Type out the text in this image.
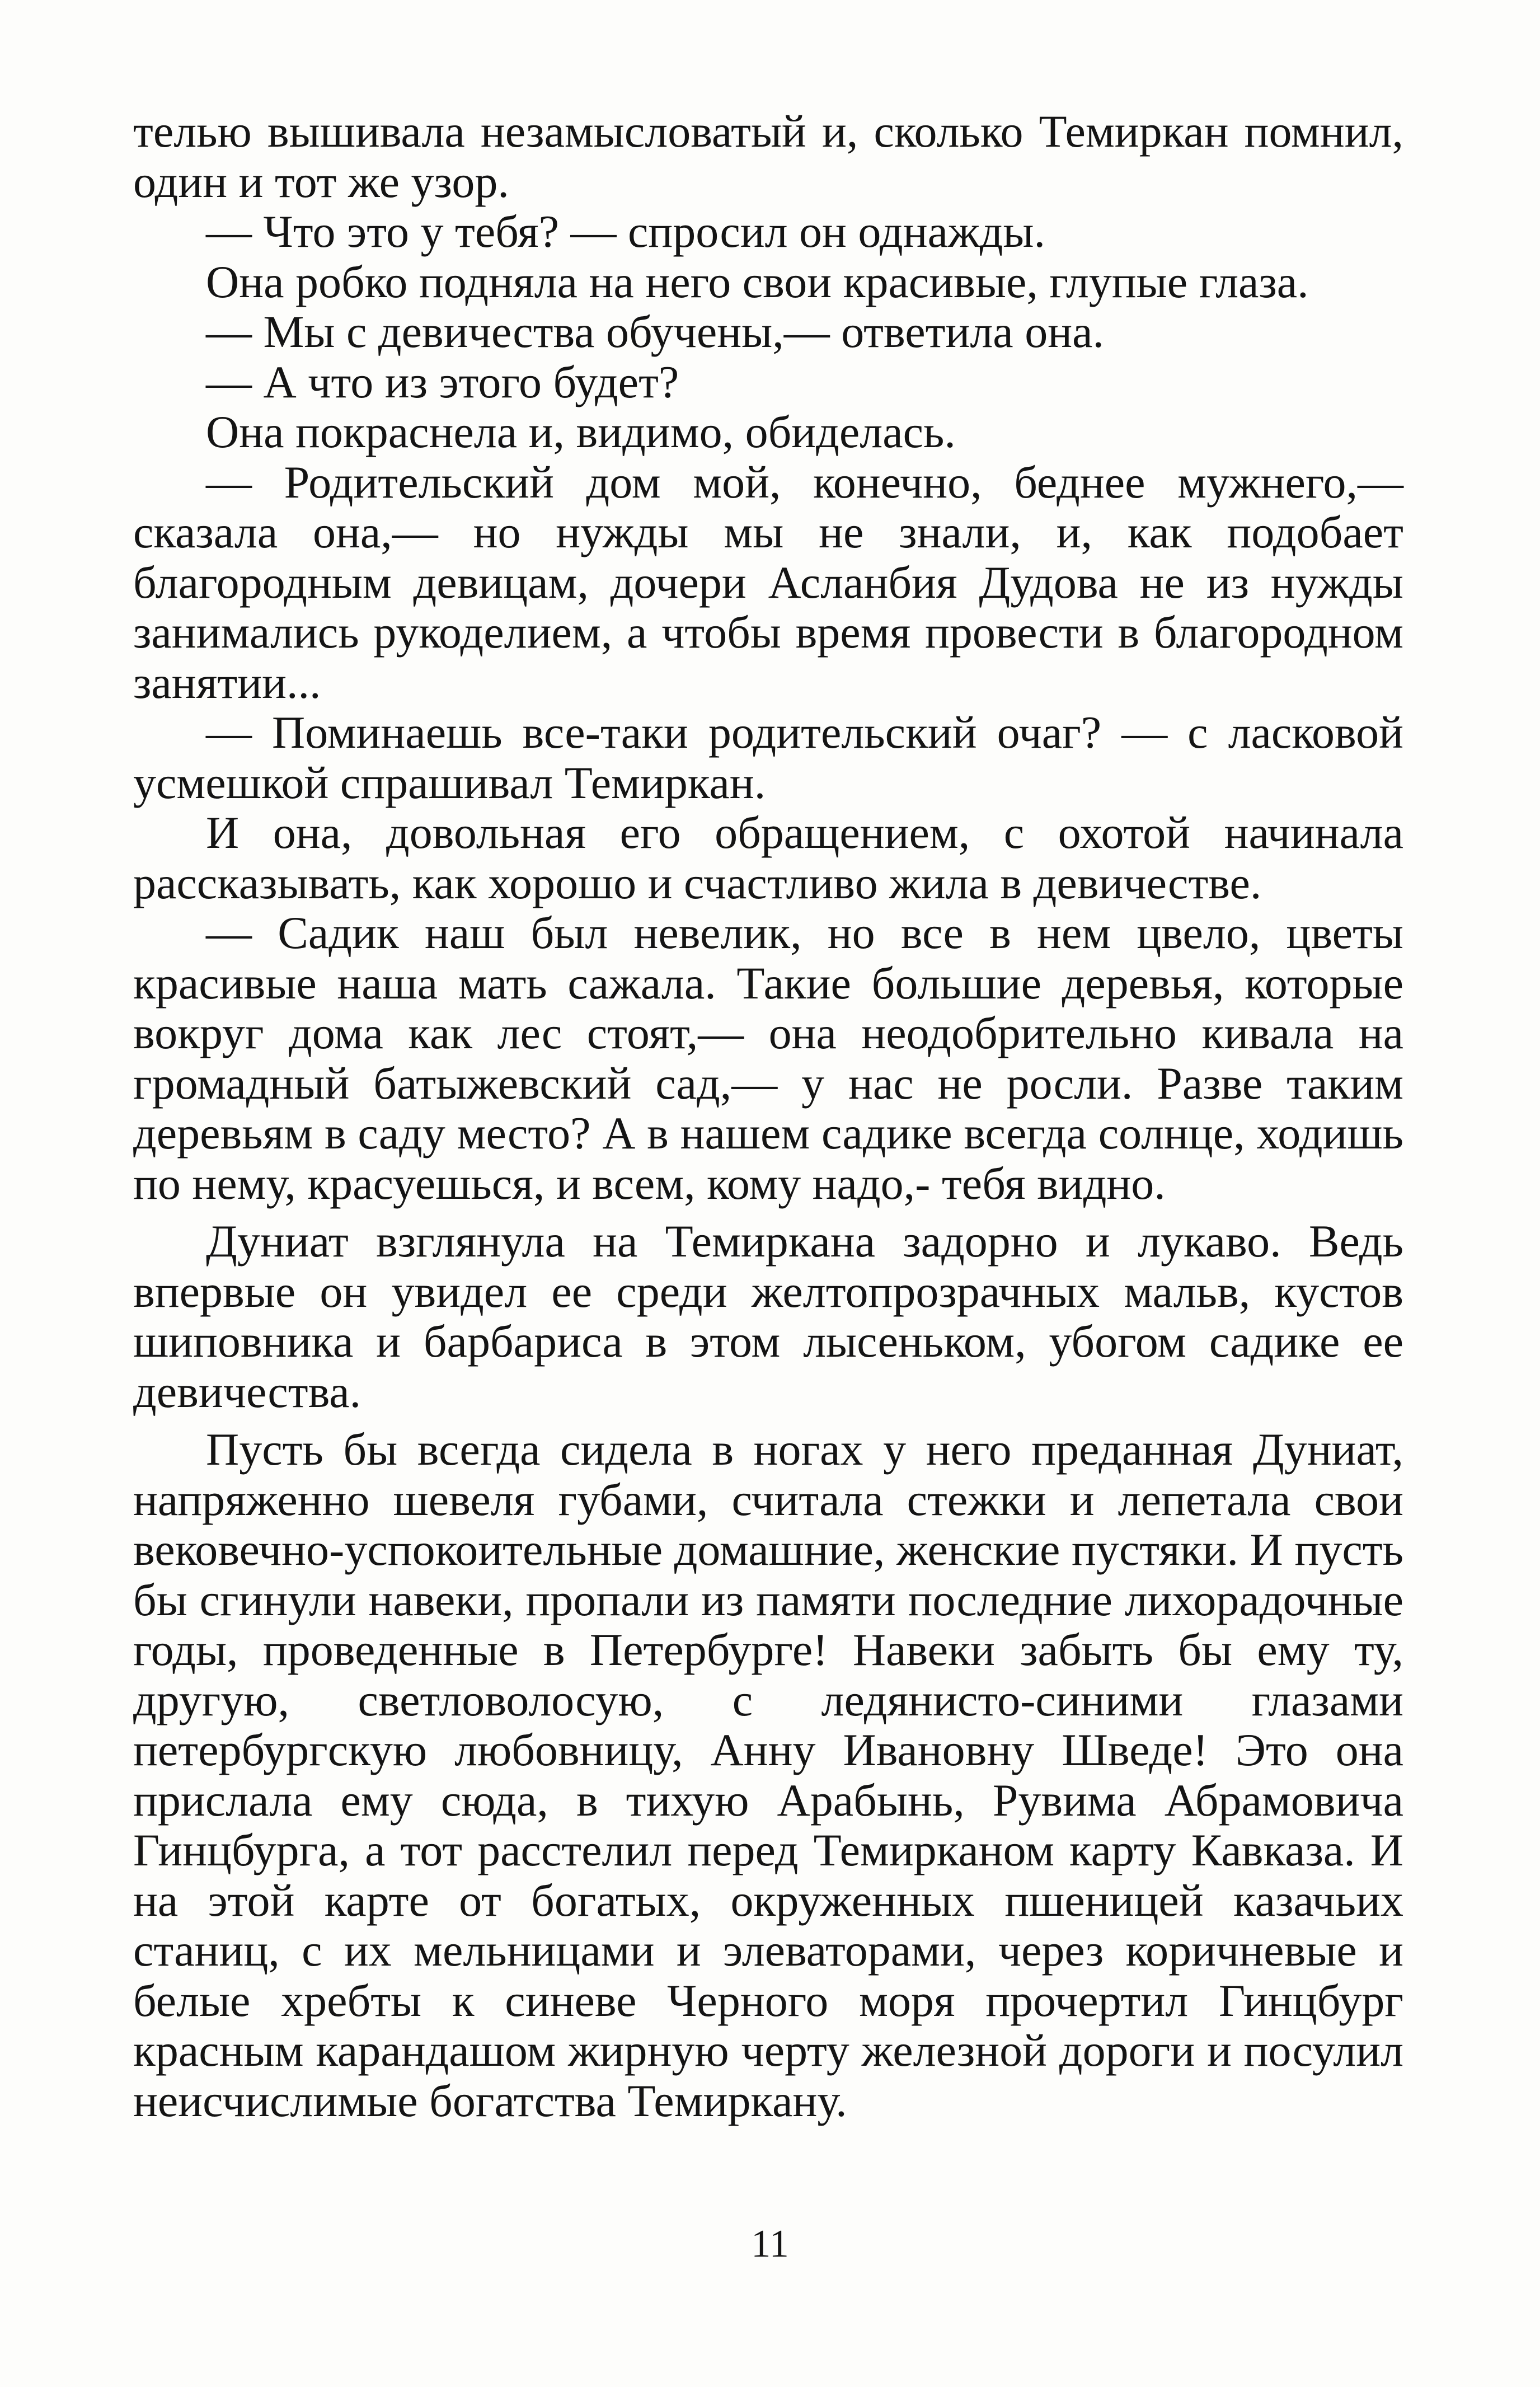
телью вышивала незамысловатый и, сколько Темиркан помнил, один и тот же узор.

— Что это у тебя? — спросил он однажды.

Она робко подняла на него свои красивые, глупые глаза.

— Мы с девичества обучены,— ответила она.

— А что из этого будет?

Она покраснела и, видимо, обиделась.

— Родительский дом мой, конечно, беднее мужнего,— сказала она,— но нужды мы не знали, и, как подобает благородным девицам, дочери Асланбия Дудова не из нужды занимались рукоделием, а чтобы время провести в благородном занятии...

— Поминаешь все-таки родительский очаг? — с ласковой усмешкой спрашивал Темиркан.

И она, довольная его обращением, с охотой начинала рассказывать, как хорошо и счастливо жила в девичестве.

— Садик наш был невелик, но все в нем цвело, цветы красивые наша мать сажала. Такие большие деревья, которые вокруг дома как лес стоят,— она неодобрительно кивала на громадный батыжевский сад,— у нас не росли. Разве таким деревьям в саду место? А в нашем садике всегда солнце, ходишь по нему, красуешься, и всем, кому надо,- тебя видно.

Дуниат взглянула на Темиркана задорно и лукаво. Ведь впервые он увидел ее среди желтопрозрачных мальв, кустов шиповника и барбариса в этом лысеньком, убогом садике ее девичества.

Пусть бы всегда сидела в ногах у него преданная Дуниат, напряженно шевеля губами, считала стежки и лепетала свои вековечно-успокоительные домашние, женские пустяки. И пусть бы сгинули навеки, пропали из памяти последние лихорадочные годы, проведенные в Петербурге! Навеки забыть бы ему ту, другую, светловолосую, с ледянисто-синими глазами петербургскую любовницу, Анну Ивановну Шведе! Это она прислала ему сюда, в тихую Арабынь, Рувима Абрамовича Гинцбурга, а тот расстелил перед Темирканом карту Кавказа. И на этой карте от богатых, окруженных пшеницей казачьих станиц, с их мельницами и элеваторами, через коричневые и белые хребты к синеве Черного моря прочертил Гинцбург красным карандашом жирную черту железной дороги и посулил неисчислимые богатства Темиркану.

11
